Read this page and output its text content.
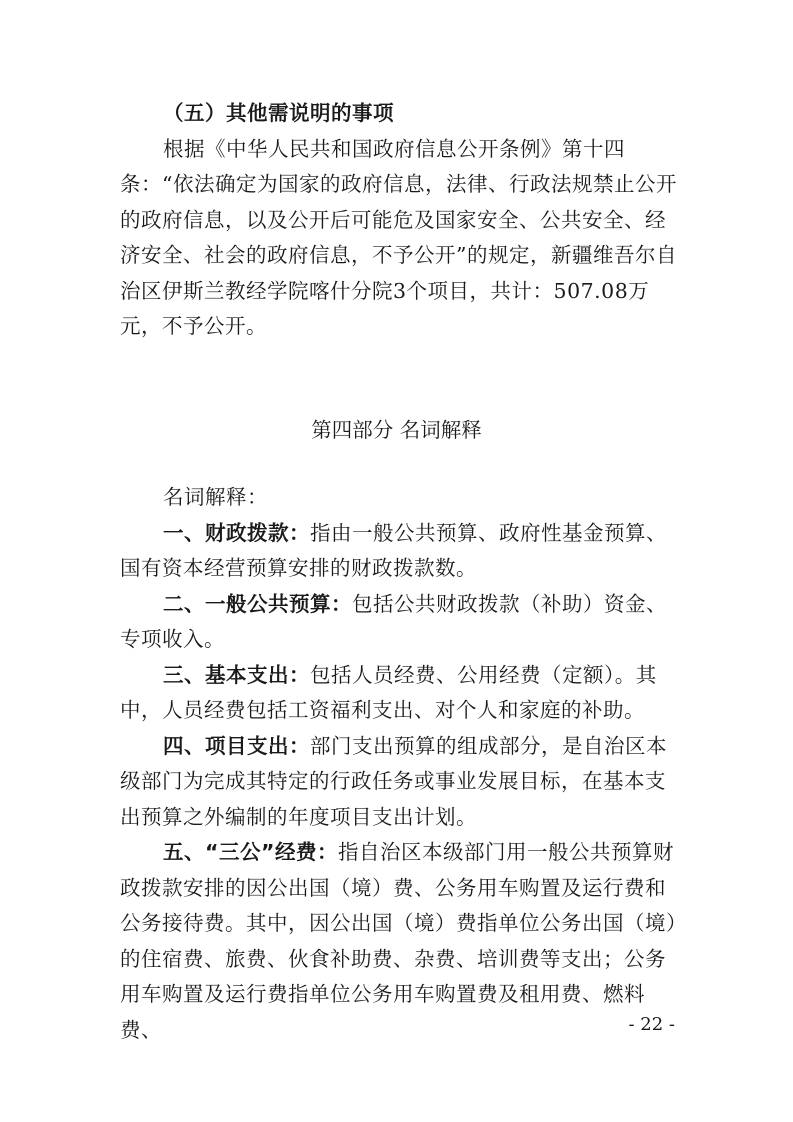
（五）其他需说明的事项
根据《中华人民共和国政府信息公开条例》第十四条：“依法确定为国家的政府信息，法律、行政法规禁止公开的政府信息，以及公开后可能危及国家安全、公共安全、经济安全、社会的政府信息，不予公开”的规定，新疆维吾尔自治区伊斯兰教经学院喀什分院3个项目，共计：507.08万元，不予公开。
第四部分 名词解释
名词解释：
一、财政拨款：指由一般公共预算、政府性基金预算、国有资本经营预算安排的财政拨款数。
二、一般公共预算：包括公共财政拨款（补助）资金、专项收入。
三、基本支出：包括人员经费、公用经费（定额）。其中，人员经费包括工资福利支出、对个人和家庭的补助。
四、项目支出：部门支出预算的组成部分，是自治区本级部门为完成其特定的行政任务或事业发展目标，在基本支出预算之外编制的年度项目支出计划。
五、“三公”经费：指自治区本级部门用一般公共预算财政拨款安排的因公出国（境）费、公务用车购置及运行费和公务接待费。其中，因公出国（境）费指单位公务出国（境）的住宿费、旅费、伙食补助费、杂费、培训费等支出；公务用车购置及运行费指单位公务用车购置费及租用费、燃料费、	- 22 -
